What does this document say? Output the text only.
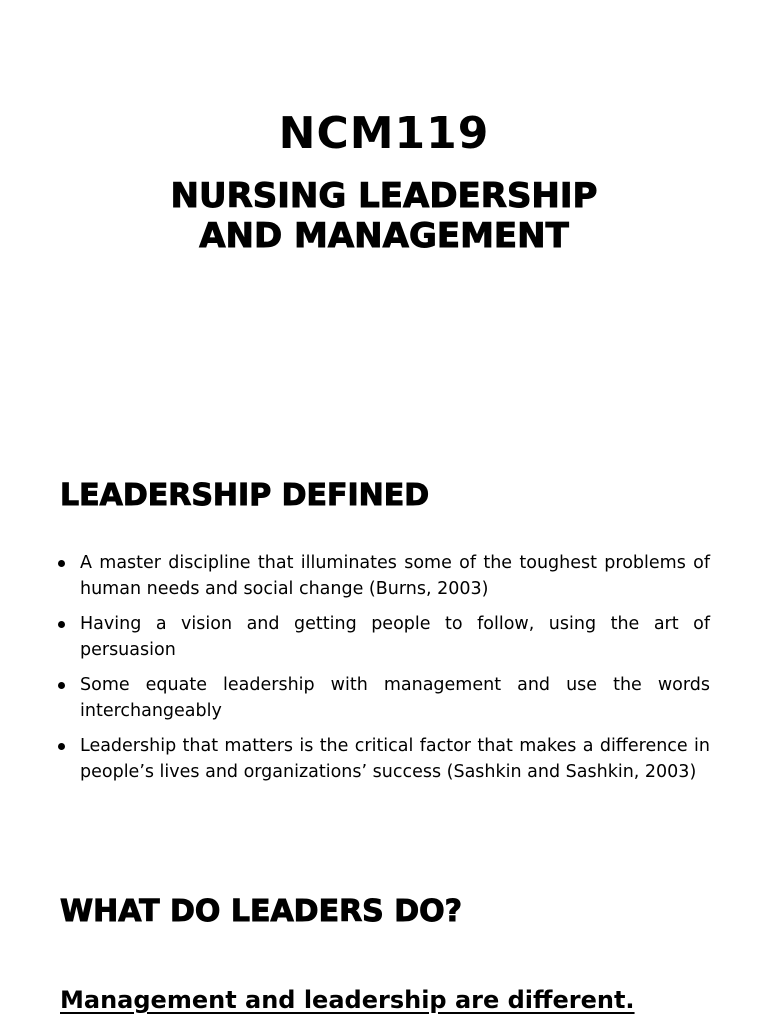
NCM119
NURSING LEADERSHIP
AND MANAGEMENT
LEADERSHIP DEFINED
A master discipline that illuminates some of the toughest problems of human needs and social change (Burns, 2003)
Having a vision and getting people to follow, using the art of persuasion
Some equate leadership with management and use the words interchangeably
Leadership that matters is the critical factor that makes a difference in people’s lives and organizations’ success (Sashkin and Sashkin, 2003)
WHAT DO LEADERS DO?
Management and leadership are different.
